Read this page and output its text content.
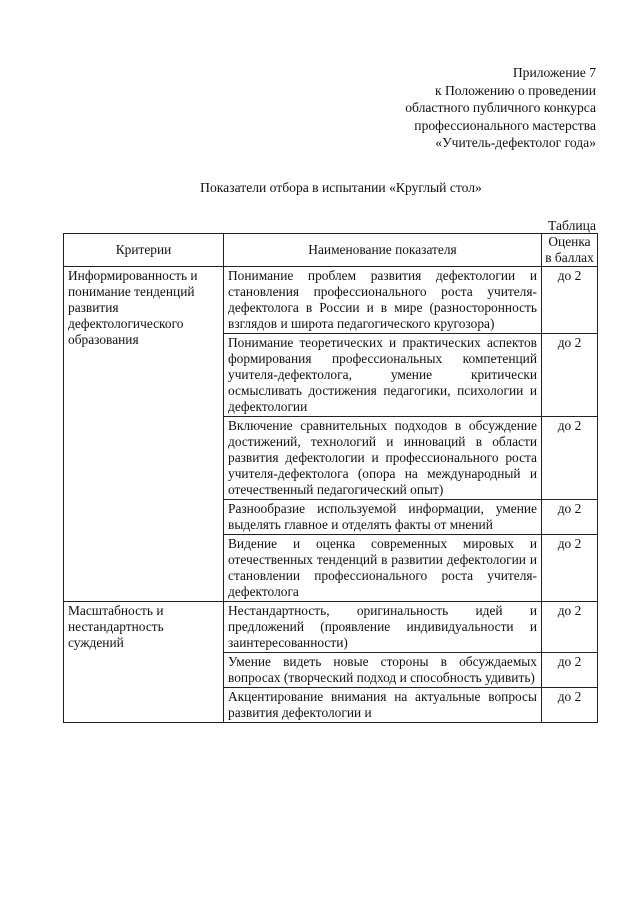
Приложение 7
к Положению о проведении
областного публичного конкурса
профессионального мастерства
«Учитель-дефектолог года»
Показатели отбора в испытании «Круглый стол»
Таблица
Критерии	Наименование показателя	Оценка в баллах
Информированность и понимание тенденций развития дефектологического образования	Понимание проблем развития дефектологии и становления профессионального роста учителя-дефектолога в России и в мире (разносторонность взглядов и широта педагогического кругозора)	до 2
	Понимание теоретических и практических аспектов формирования профессиональных компетенций учителя-дефектолога, умение критически осмысливать достижения педагогики, психологии и дефектологии	до 2
	Включение сравнительных подходов в обсуждение достижений, технологий и инноваций в области развития дефектологии и профессионального роста учителя-дефектолога (опора на международный и отечественный педагогический опыт)	до 2
	Разнообразие используемой информации, умение выделять главное и отделять факты от мнений	до 2
	Видение и оценка современных мировых и отечественных тенденций в развитии дефектологии и становлении профессионального роста учителя-дефектолога	до 2
Масштабность и нестандартность суждений	Нестандартность, оригинальность идей и предложений (проявление индивидуальности и заинтересованности)	до 2
	Умение видеть новые стороны в обсуждаемых вопросах (творческий подход и способность удивить)	до 2
	Акцентирование внимания на актуальные вопросы развития дефектологии и	до 2
